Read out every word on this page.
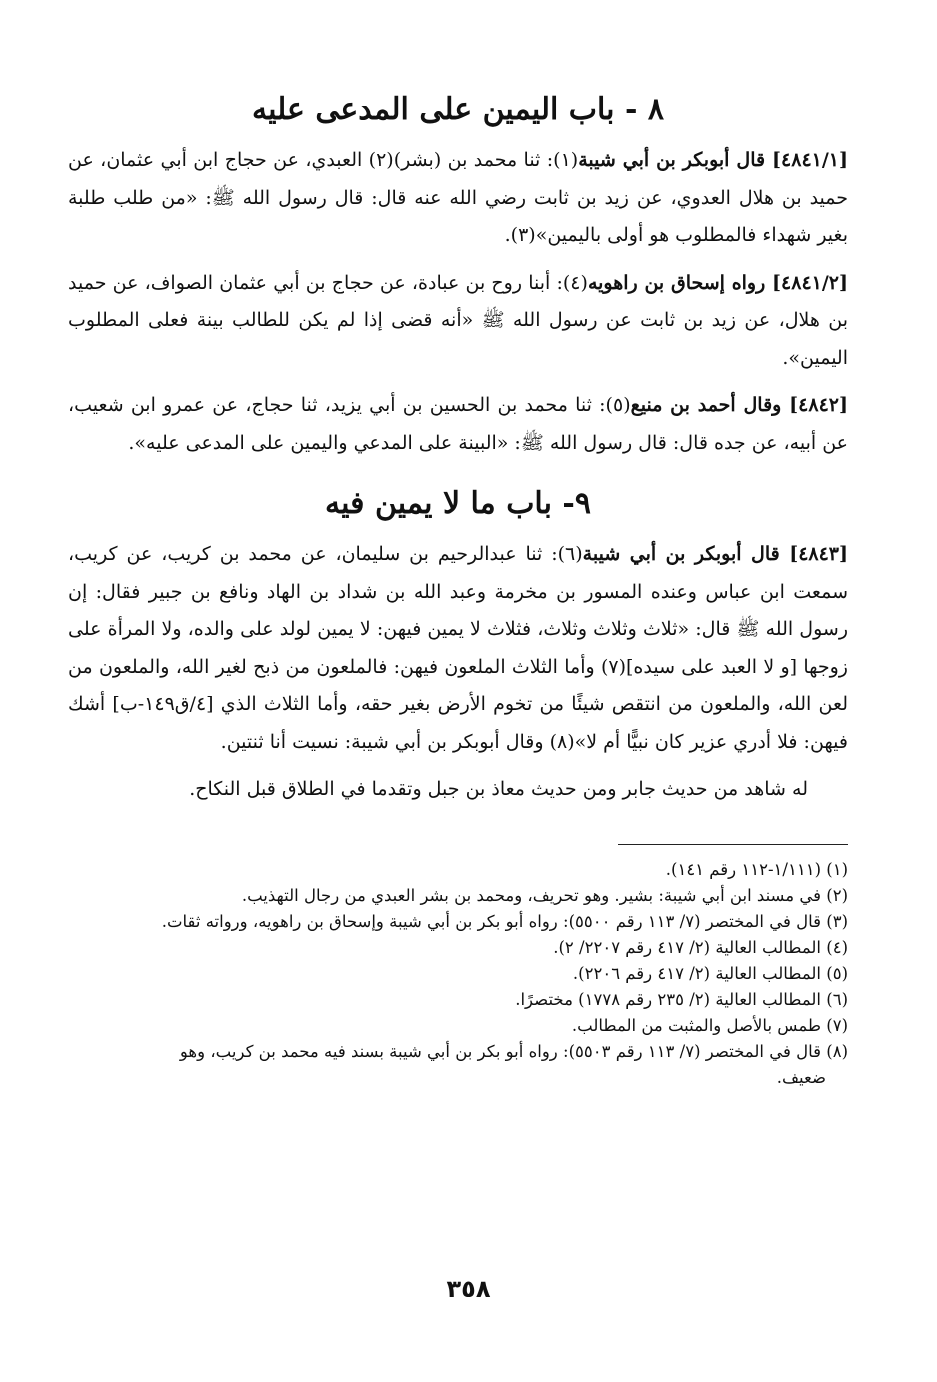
٨ - باب اليمين على المدعى عليه

[٤٨٤١/١] قال أبوبكر بن أبي شيبة(١): ثنا محمد بن (بشر)(٢) العبدي، عن حجاج ابن أبي عثمان، عن حميد بن هلال العدوي، عن زيد بن ثابت رضي الله عنه قال: قال رسول الله ﷺ: «من طلب طلبة بغير شهداء فالمطلوب هو أولى باليمين»(٣).

[٤٨٤١/٢] رواه إسحاق بن راهويه(٤): أبنا روح بن عبادة، عن حجاج بن أبي عثمان الصواف، عن حميد بن هلال، عن زيد بن ثابت عن رسول الله ﷺ «أنه قضى إذا لم يكن للطالب بينة فعلى المطلوب اليمين».

[٤٨٤٢] وقال أحمد بن منيع(٥): ثنا محمد بن الحسين بن أبي يزيد، ثنا حجاج، عن عمرو ابن شعيب، عن أبيه، عن جده قال: قال رسول الله ﷺ: «البينة على المدعي واليمين على المدعى عليه».

٩- باب ما لا يمين فيه

[٤٨٤٣] قال أبوبكر بن أبي شيبة(٦): ثنا عبدالرحيم بن سليمان، عن محمد بن كريب، عن كريب، سمعت ابن عباس وعنده المسور بن مخرمة وعبد الله بن شداد بن الهاد ونافع بن جبير فقال: إن رسول الله ﷺ قال: «ثلاث وثلاث وثلاث، فثلاث لا يمين فيهن: لا يمين لولد على والده، ولا المرأة على زوجها [و لا العبد على سيده](٧) وأما الثلاث الملعون فيهن: فالملعون من ذبح لغير الله، والملعون من لعن الله، والملعون من انتقص شيئًا من تخوم الأرض بغير حقه، وأما الثلاث الذي [٤/ق١٤٩-ب] أشك فيهن: فلا أدري عزير كان نبيًّا أم لا»(٨) وقال أبوبكر بن أبي شيبة: نسيت أنا ثنتين.

له شاهد من حديث جابر ومن حديث معاذ بن جبل وتقدما في الطلاق قبل النكاح.

(١) (١/١١١-١١٢ رقم ١٤١).

(٢) في مسند ابن أبي شيبة: بشير. وهو تحريف، ومحمد بن بشر العبدي من رجال التهذيب.

(٣) قال في المختصر (٧/ ١١٣ رقم ٥٥٠٠): رواه أبو بكر بن أبي شيبة وإسحاق بن راهويه، ورواته ثقات.

(٤) المطالب العالية (٢/ ٤١٧ رقم ٢٢٠٧/ ٢).

(٥) المطالب العالية (٢/ ٤١٧ رقم ٢٢٠٦).

(٦) المطالب العالية (٢/ ٢٣٥ رقم ١٧٧٨) مختصرًا.

(٧) طمس بالأصل والمثبت من المطالب.

(٨) قال في المختصر (٧/ ١١٣ رقم ٥٥٠٣): رواه أبو بكر بن أبي شيبة بسند فيه محمد بن كريب، وهو
ضعيف.

٣٥٨
